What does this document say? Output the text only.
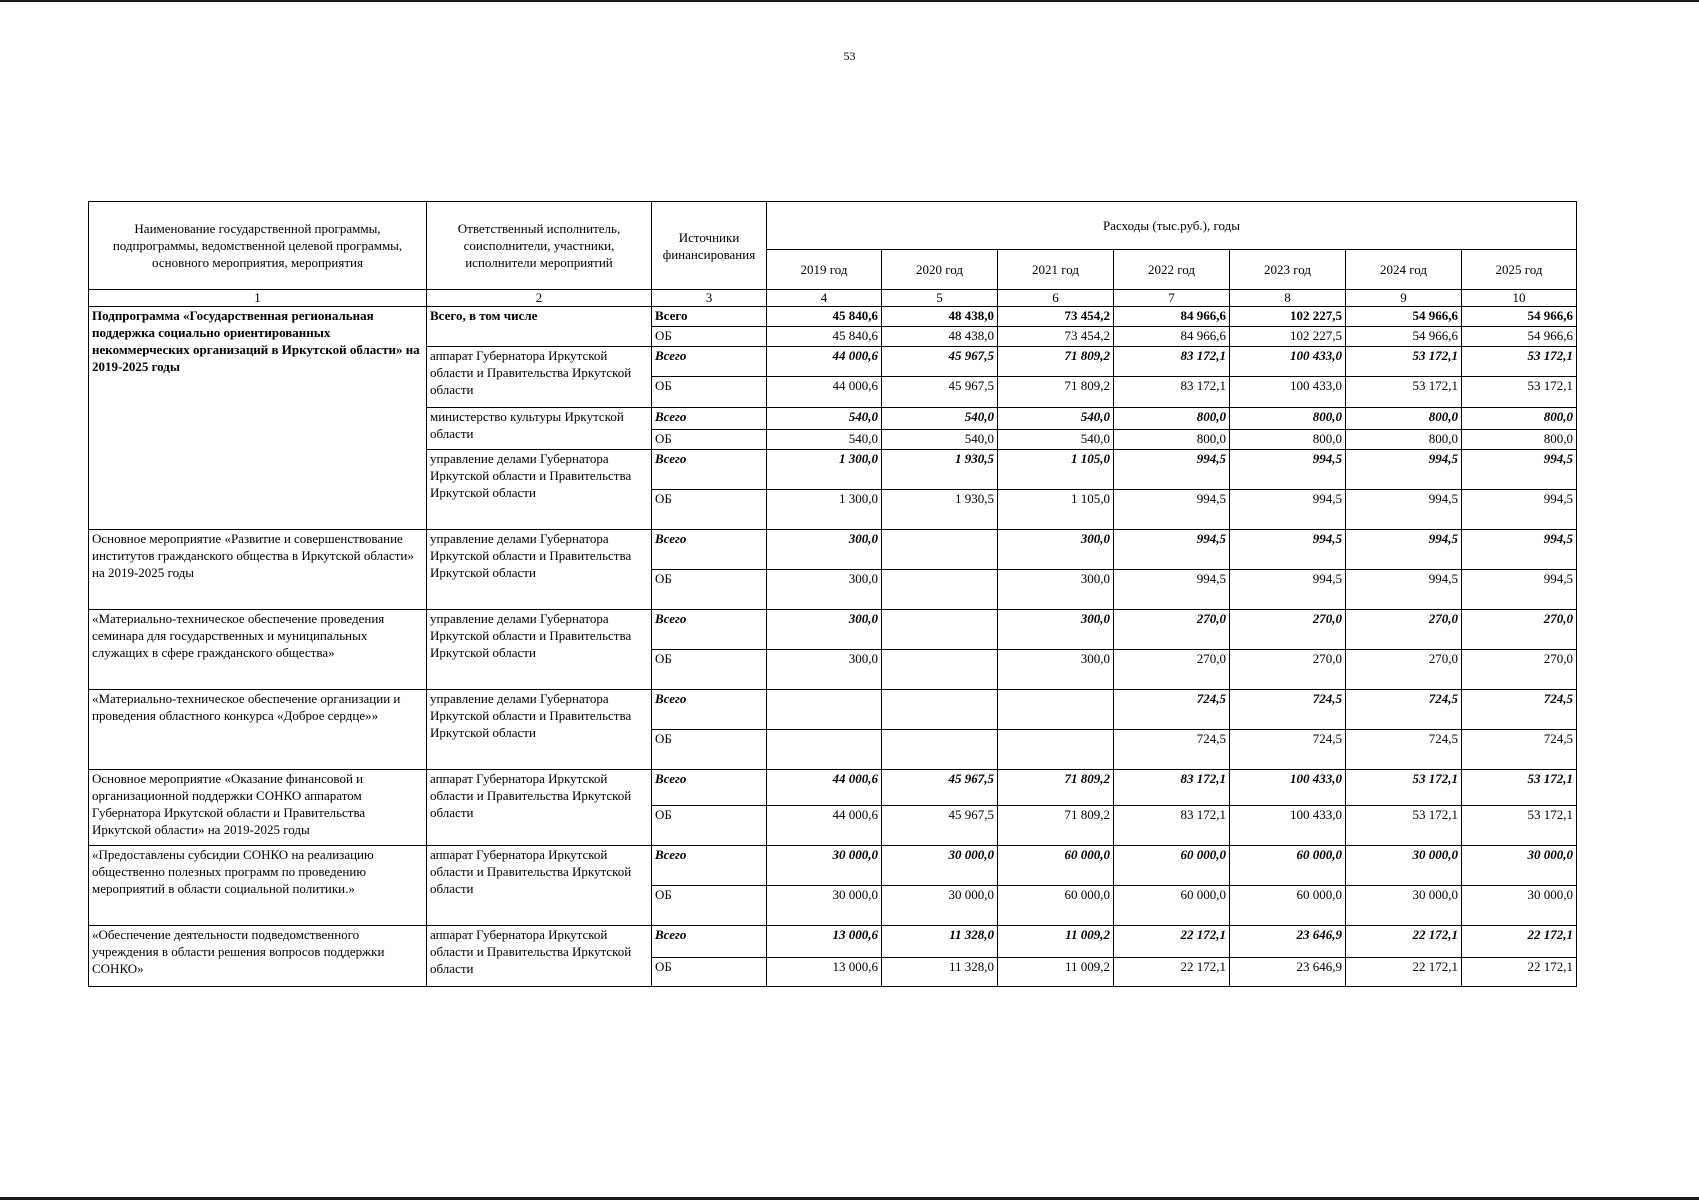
53
Наименование государственной программы, подпрограммы, ведомственной целевой программы, основного мероприятия, мероприятия	Ответственный исполнитель, соисполнители, участники, исполнители мероприятий	Источники финансирования	Расходы (тыс.руб.), годы						
			2019 год	2020 год	2021 год	2022 год	2023 год	2024 год	2025 год
1	2	3	4	5	6	7	8	9	10
Подпрограмма «Государственная региональная поддержка социально ориентированных некоммерческих организаций в Иркутской области» на 2019-2025 годы	Всего, в том числе	Всего	45 840,6	48 438,0	73 454,2	84 966,6	102 227,5	54 966,6	54 966,6
		ОБ	45 840,6	48 438,0	73 454,2	84 966,6	102 227,5	54 966,6	54 966,6
	аппарат Губернатора Иркутской области и Правительства Иркутской области	Всего	44 000,6	45 967,5	71 809,2	83 172,1	100 433,0	53 172,1	53 172,1
		ОБ	44 000,6	45 967,5	71 809,2	83 172,1	100 433,0	53 172,1	53 172,1
	министерство культуры Иркутской области	Всего	540,0	540,0	540,0	800,0	800,0	800,0	800,0
		ОБ	540,0	540,0	540,0	800,0	800,0	800,0	800,0
	управление делами Губернатора Иркутской области и Правительства Иркутской области	Всего	1 300,0	1 930,5	1 105,0	994,5	994,5	994,5	994,5
		ОБ	1 300,0	1 930,5	1 105,0	994,5	994,5	994,5	994,5
Основное мероприятие «Развитие и совершенствование институтов гражданского общества в Иркутской области» на 2019-2025 годы	управление делами Губернатора Иркутской области и Правительства Иркутской области	Всего	300,0		300,0	994,5	994,5	994,5	994,5
		ОБ	300,0		300,0	994,5	994,5	994,5	994,5
«Материально-техническое обеспечение проведения семинара для государственных и муниципальных служащих в сфере гражданского общества»	управление делами Губернатора Иркутской области и Правительства Иркутской области	Всего	300,0		300,0	270,0	270,0	270,0	270,0
		ОБ	300,0		300,0	270,0	270,0	270,0	270,0
«Материально-техническое обеспечение организации и проведения областного конкурса «Доброе сердце»»	управление делами Губернатора Иркутской области и Правительства Иркутской области	Всего				724,5	724,5	724,5	724,5
		ОБ				724,5	724,5	724,5	724,5
Основное мероприятие «Оказание финансовой и организационной поддержки СОНКО аппаратом Губернатора Иркутской области и Правительства Иркутской области» на 2019-2025 годы	аппарат Губернатора Иркутской области и Правительства Иркутской области	Всего	44 000,6	45 967,5	71 809,2	83 172,1	100 433,0	53 172,1	53 172,1
		ОБ	44 000,6	45 967,5	71 809,2	83 172,1	100 433,0	53 172,1	53 172,1
«Предоставлены субсидии СОНКО на реализацию общественно полезных программ по проведению мероприятий в области социальной политики.»	аппарат Губернатора Иркутской области и Правительства Иркутской области	Всего	30 000,0	30 000,0	60 000,0	60 000,0	60 000,0	30 000,0	30 000,0
		ОБ	30 000,0	30 000,0	60 000,0	60 000,0	60 000,0	30 000,0	30 000,0
«Обеспечение деятельности подведомственного учреждения в области решения вопросов поддержки СОНКО»	аппарат Губернатора Иркутской области и Правительства Иркутской области	Всего	13 000,6	11 328,0	11 009,2	22 172,1	23 646,9	22 172,1	22 172,1
		ОБ	13 000,6	11 328,0	11 009,2	22 172,1	23 646,9	22 172,1	22 172,1
